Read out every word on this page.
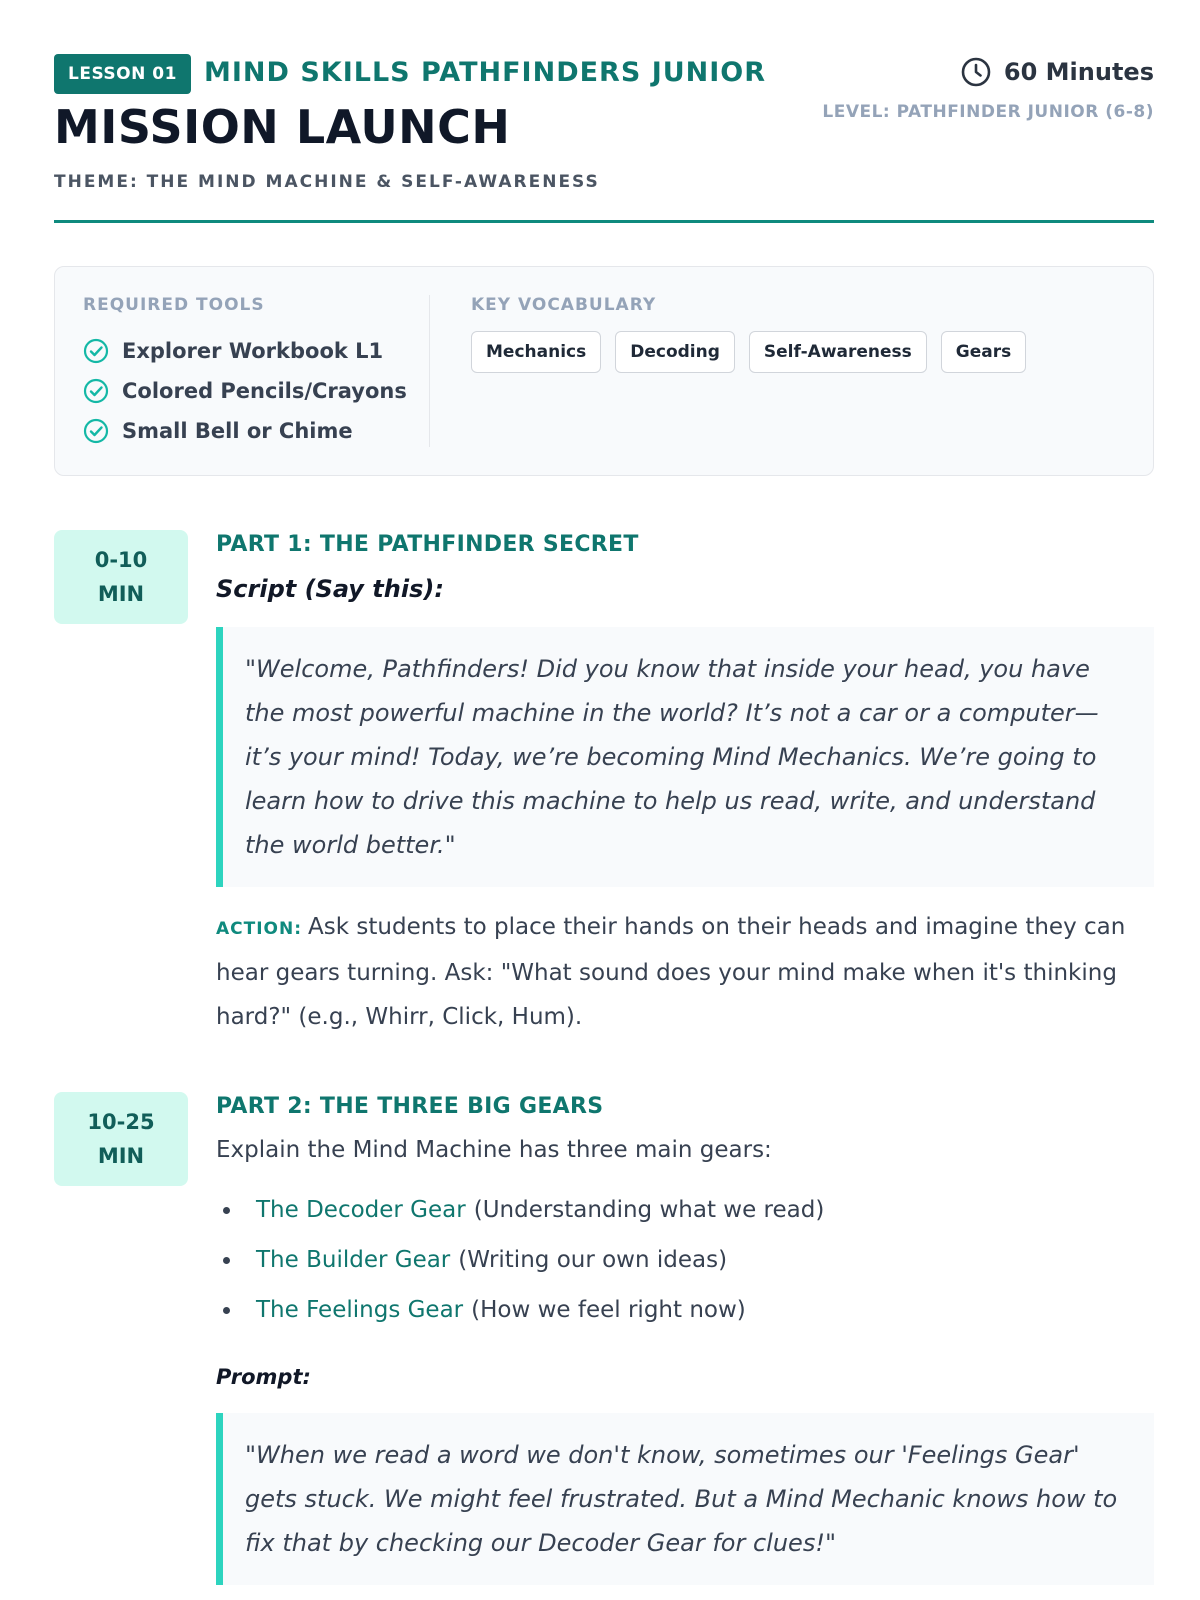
LESSON 01	MIND SKILLS PATHFINDERS JUNIOR
MISSION LAUNCH
THEME: THE MIND MACHINE & SELF-AWARENESS
60 Minutes
LEVEL: PATHFINDER JUNIOR (6-8)
REQUIRED TOOLS
Explorer Workbook L1
Colored Pencils/Crayons
Small Bell or Chime
KEY VOCABULARY
Mechanics	Decoding	Self-Awareness	Gears
0-10
MIN
PART 1: THE PATHFINDER SECRET
Script (Say this):
"Welcome, Pathfinders! Did you know that inside your head, you have the most powerful machine in the world? It’s not a car or a computer—it’s your mind! Today, we’re becoming Mind Mechanics. We’re going to learn how to drive this machine to help us read, write, and understand the world better."
ACTION: Ask students to place their hands on their heads and imagine they can hear gears turning. Ask: "What sound does your mind make when it's thinking hard?" (e.g., Whirr, Click, Hum).
10-25
MIN
PART 2: THE THREE BIG GEARS
Explain the Mind Machine has three main gears:
The Decoder Gear (Understanding what we read)
The Builder Gear (Writing our own ideas)
The Feelings Gear (How we feel right now)
Prompt:
"When we read a word we don't know, sometimes our 'Feelings Gear' gets stuck. We might feel frustrated. But a Mind Mechanic knows how to fix that by checking our Decoder Gear for clues!"
